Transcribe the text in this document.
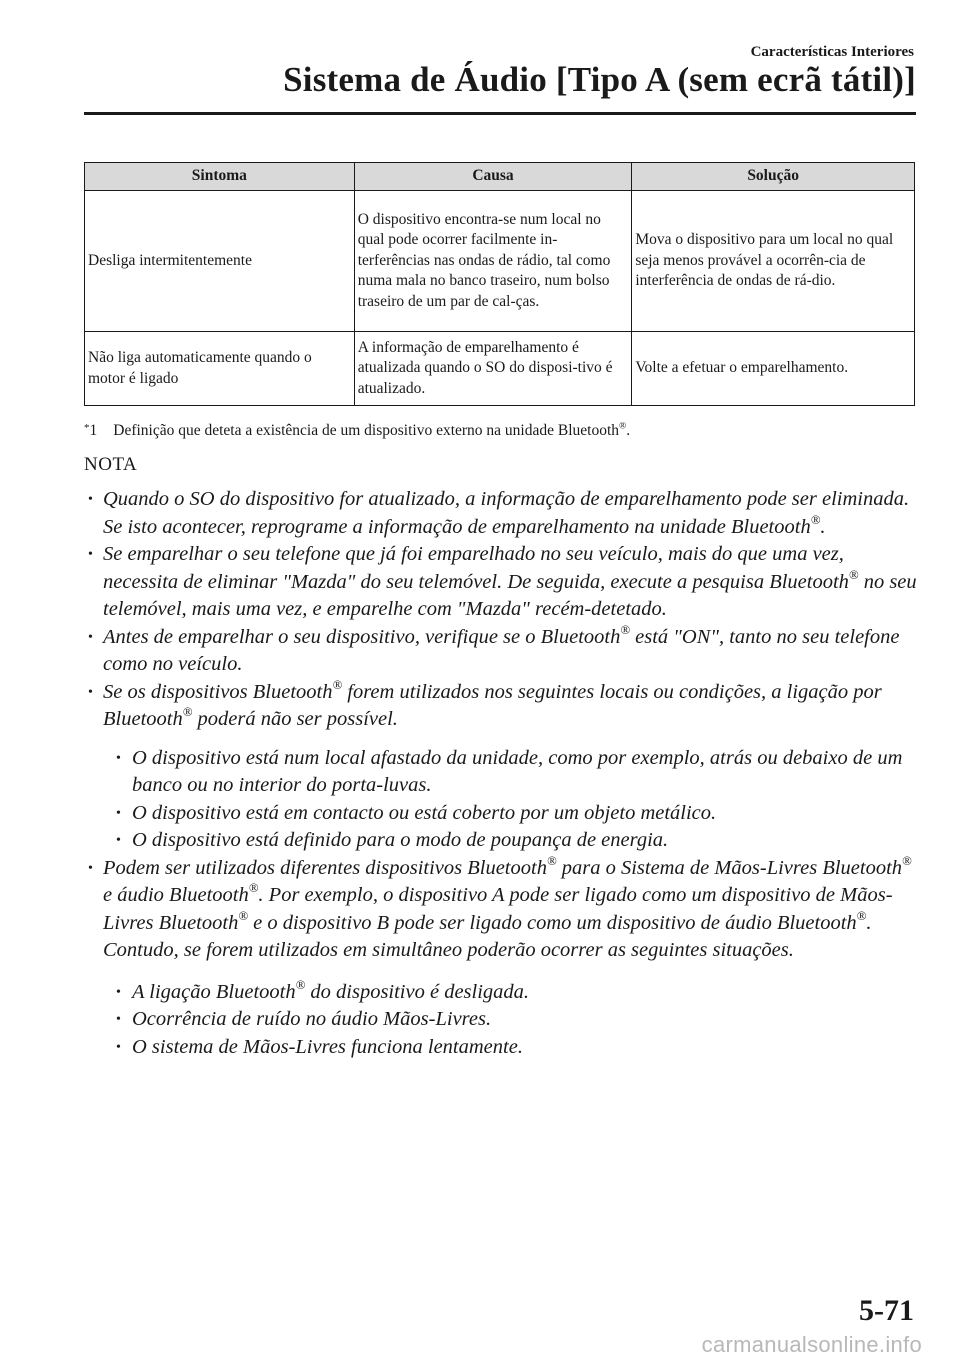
Características Interiores
Sistema de Áudio [Tipo A (sem ecrã tátil)]
Sintoma	Causa	Solução
Desliga intermitentemente	O dispositivo encontra-se num local no qual pode ocorrer facilmente in-terferências nas ondas de rádio, tal como numa mala no banco traseiro, num bolso traseiro de um par de cal-ças.	Mova o dispositivo para um local no qual seja menos provável a ocorrên-cia de interferência de ondas de rá-dio.
Não liga automaticamente quando o motor é ligado	A informação de emparelhamento é atualizada quando o SO do disposi-tivo é atualizado.	Volte a efetuar o emparelhamento.
*1 Definição que deteta a existência de um dispositivo externo na unidade Bluetooth®.
NOTA
• Quando o SO do dispositivo for atualizado, a informação de emparelhamento pode ser eliminada. Se isto acontecer, reprograme a informação de emparelhamento na unidade Bluetooth®.
• Se emparelhar o seu telefone que já foi emparelhado no seu veículo, mais do que uma vez, necessita de eliminar "Mazda" do seu telemóvel. De seguida, execute a pesquisa Bluetooth® no seu telemóvel, mais uma vez, e emparelhe com "Mazda" recém-detetado.
• Antes de emparelhar o seu dispositivo, verifique se o Bluetooth® está "ON", tanto no seu telefone como no veículo.
• Se os dispositivos Bluetooth® forem utilizados nos seguintes locais ou condições, a ligação por Bluetooth® poderá não ser possível.
• O dispositivo está num local afastado da unidade, como por exemplo, atrás ou debaixo de um banco ou no interior do porta-luvas.
• O dispositivo está em contacto ou está coberto por um objeto metálico.
• O dispositivo está definido para o modo de poupança de energia.
• Podem ser utilizados diferentes dispositivos Bluetooth® para o Sistema de Mãos-Livres Bluetooth® e áudio Bluetooth®. Por exemplo, o dispositivo A pode ser ligado como um dispositivo de Mãos-Livres Bluetooth® e o dispositivo B pode ser ligado como um dispositivo de áudio Bluetooth®. Contudo, se forem utilizados em simultâneo poderão ocorrer as seguintes situações.
• A ligação Bluetooth® do dispositivo é desligada.
• Ocorrência de ruído no áudio Mãos-Livres.
• O sistema de Mãos-Livres funciona lentamente.
5-71
carmanualsonline.info
